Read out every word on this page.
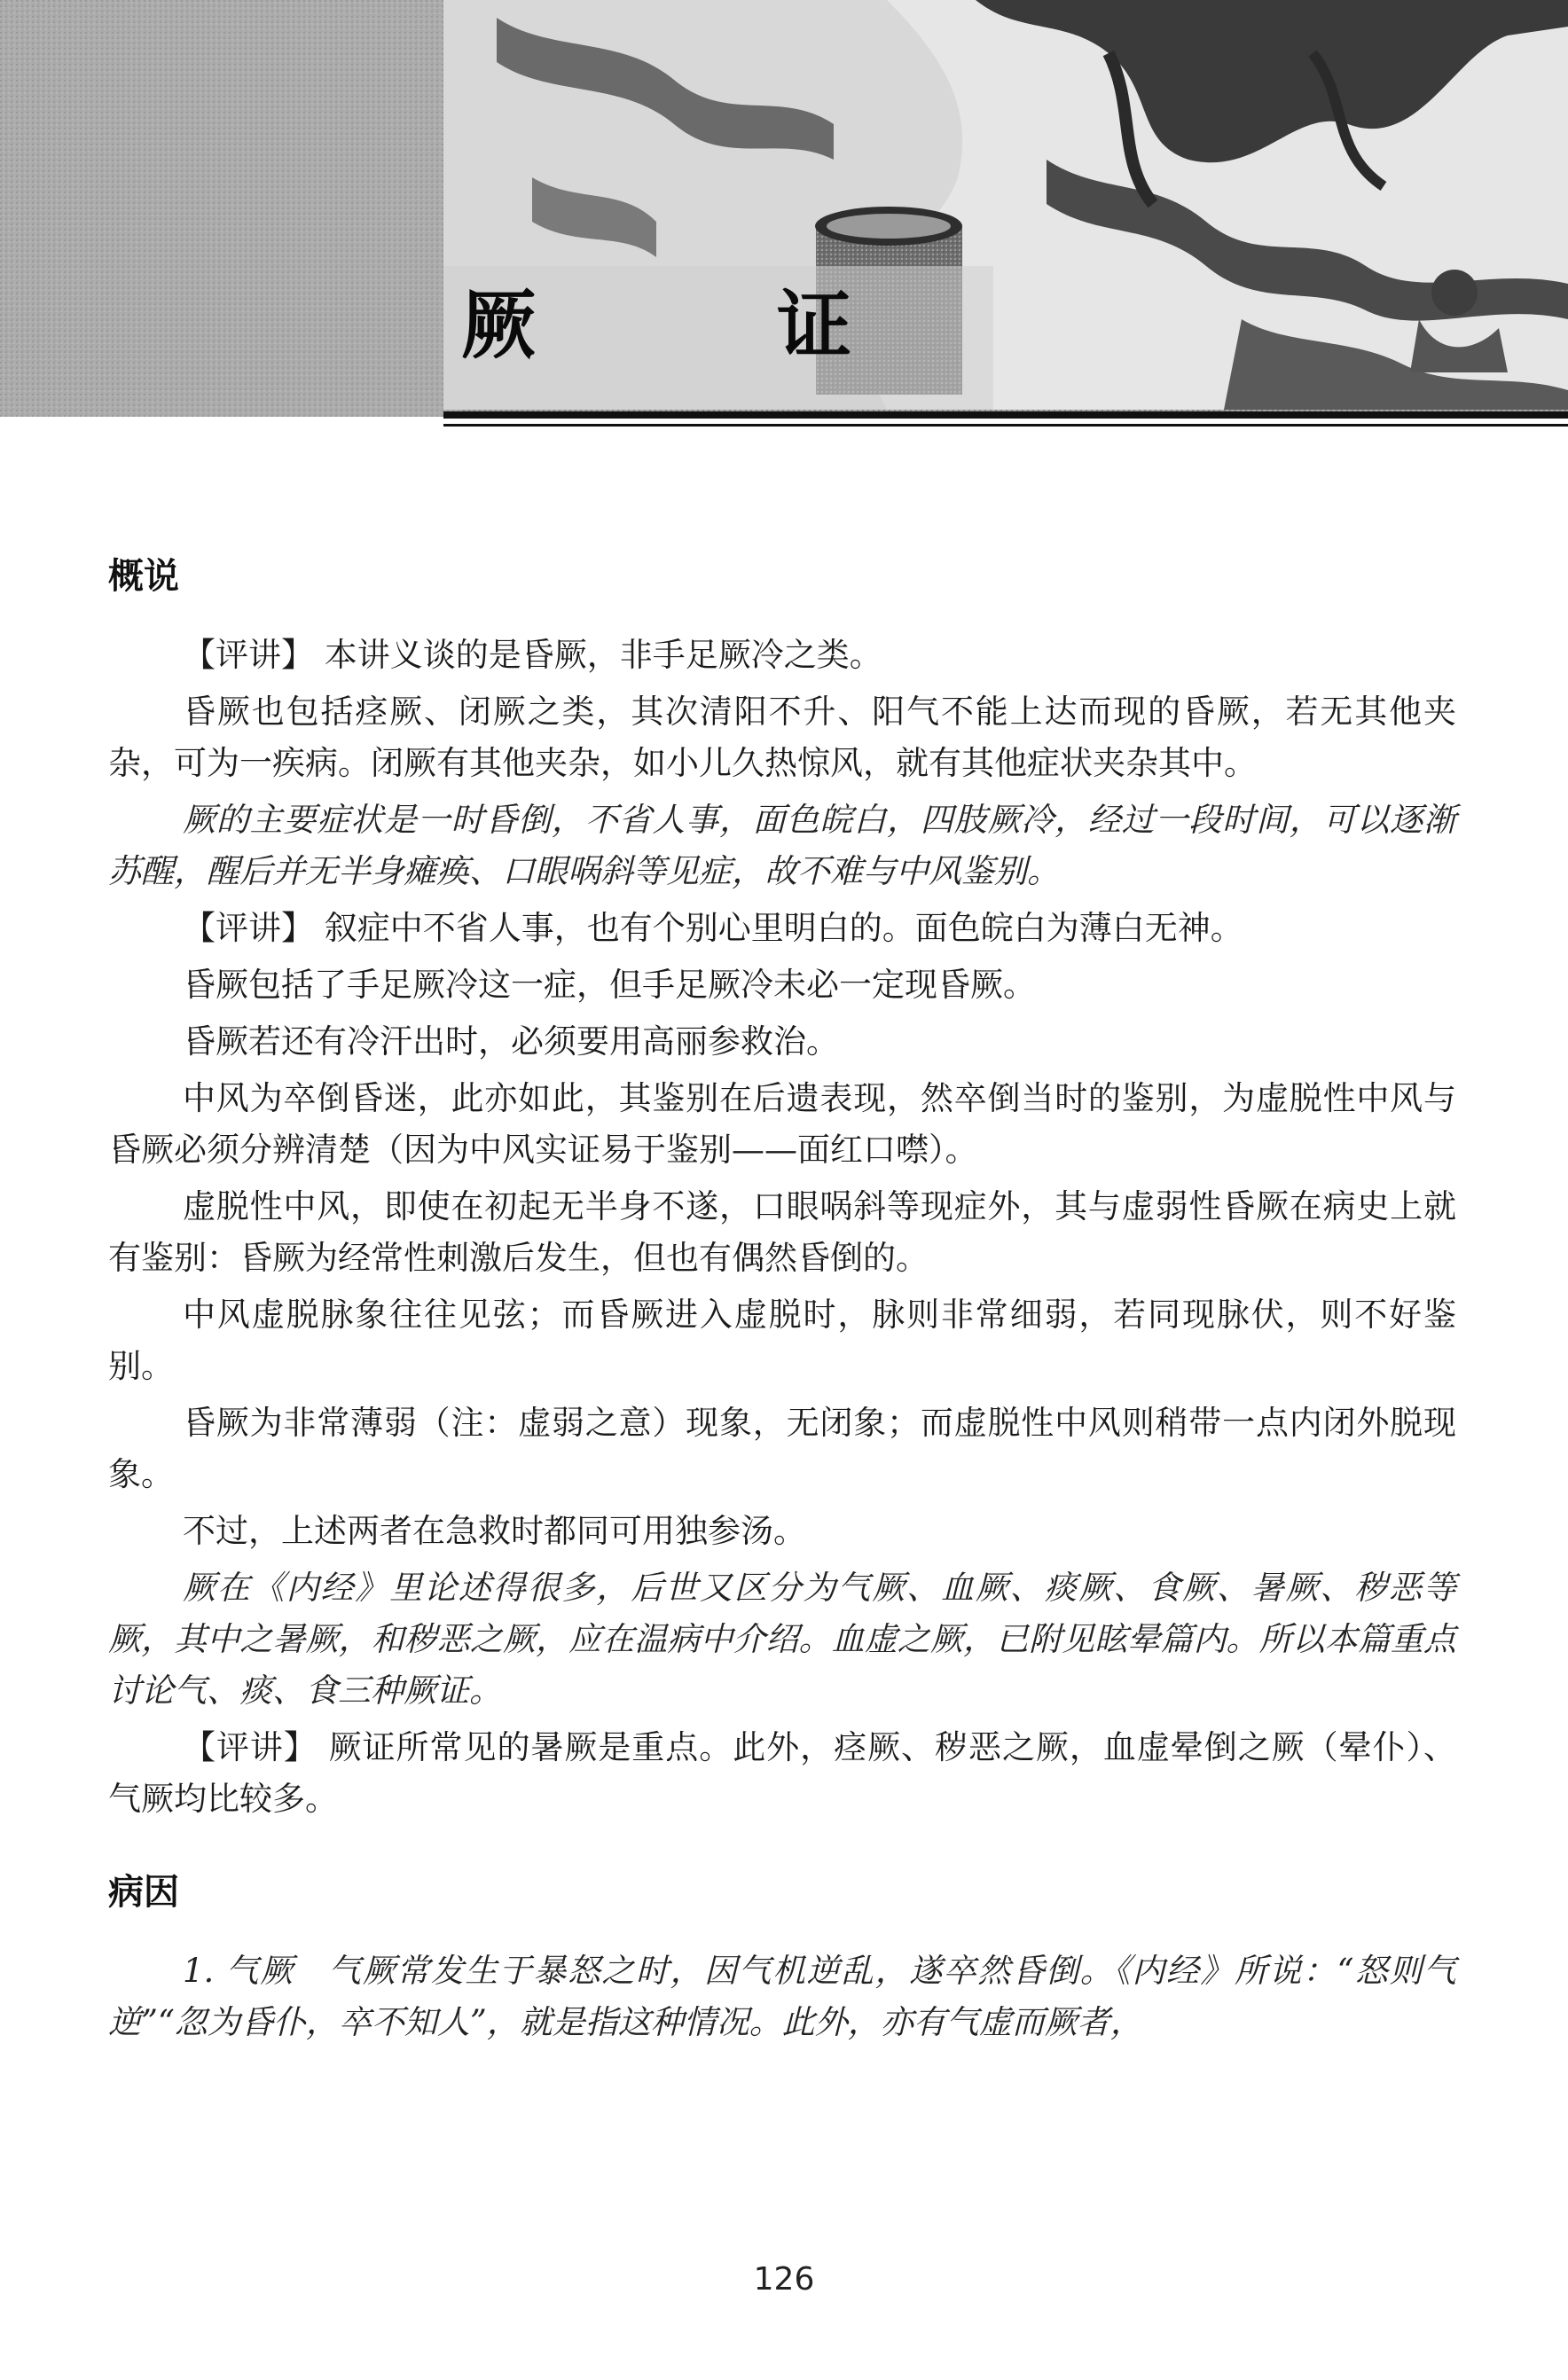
厥	证
概说

【评讲】 本讲义谈的是昏厥，非手足厥冷之类。

昏厥也包括痉厥、闭厥之类，其次清阳不升、阳气不能上达而现的昏厥，若无其他夹杂，可为一疾病。闭厥有其他夹杂，如小儿久热惊风，就有其他症状夹杂其中。

厥的主要症状是一时昏倒，不省人事，面色皖白，四肢厥冷，经过一段时间，可以逐渐苏醒，醒后并无半身瘫痪、口眼㖞斜等见症，故不难与中风鉴别。

【评讲】 叙症中不省人事，也有个别心里明白的。面色皖白为薄白无神。

昏厥包括了手足厥冷这一症，但手足厥冷未必一定现昏厥。

昏厥若还有冷汗出时，必须要用高丽参救治。

中风为卒倒昏迷，此亦如此，其鉴别在后遗表现，然卒倒当时的鉴别，为虚脱性中风与昏厥必须分辨清楚（因为中风实证易于鉴别——面红口噤）。

虚脱性中风，即使在初起无半身不遂，口眼㖞斜等现症外，其与虚弱性昏厥在病史上就有鉴别：昏厥为经常性刺激后发生，但也有偶然昏倒的。

中风虚脱脉象往往见弦；而昏厥进入虚脱时，脉则非常细弱，若同现脉伏，则不好鉴别。

昏厥为非常薄弱（注：虚弱之意）现象，无闭象；而虚脱性中风则稍带一点内闭外脱现象。

不过，上述两者在急救时都同可用独参汤。

厥在《内经》里论述得很多，后世又区分为气厥、血厥、痰厥、食厥、暑厥、秽恶等厥，其中之暑厥，和秽恶之厥，应在温病中介绍。血虚之厥，已附见眩晕篇内。所以本篇重点讨论气、痰、食三种厥证。

【评讲】 厥证所常见的暑厥是重点。此外，痉厥、秽恶之厥，血虚晕倒之厥（晕仆）、气厥均比较多。

病因

1. 气厥　气厥常发生于暴怒之时，因气机逆乱，遂卒然昏倒。《内经》所说：“怒则气逆”“忽为昏仆，卒不知人”，就是指这种情况。此外，亦有气虚而厥者，

126
